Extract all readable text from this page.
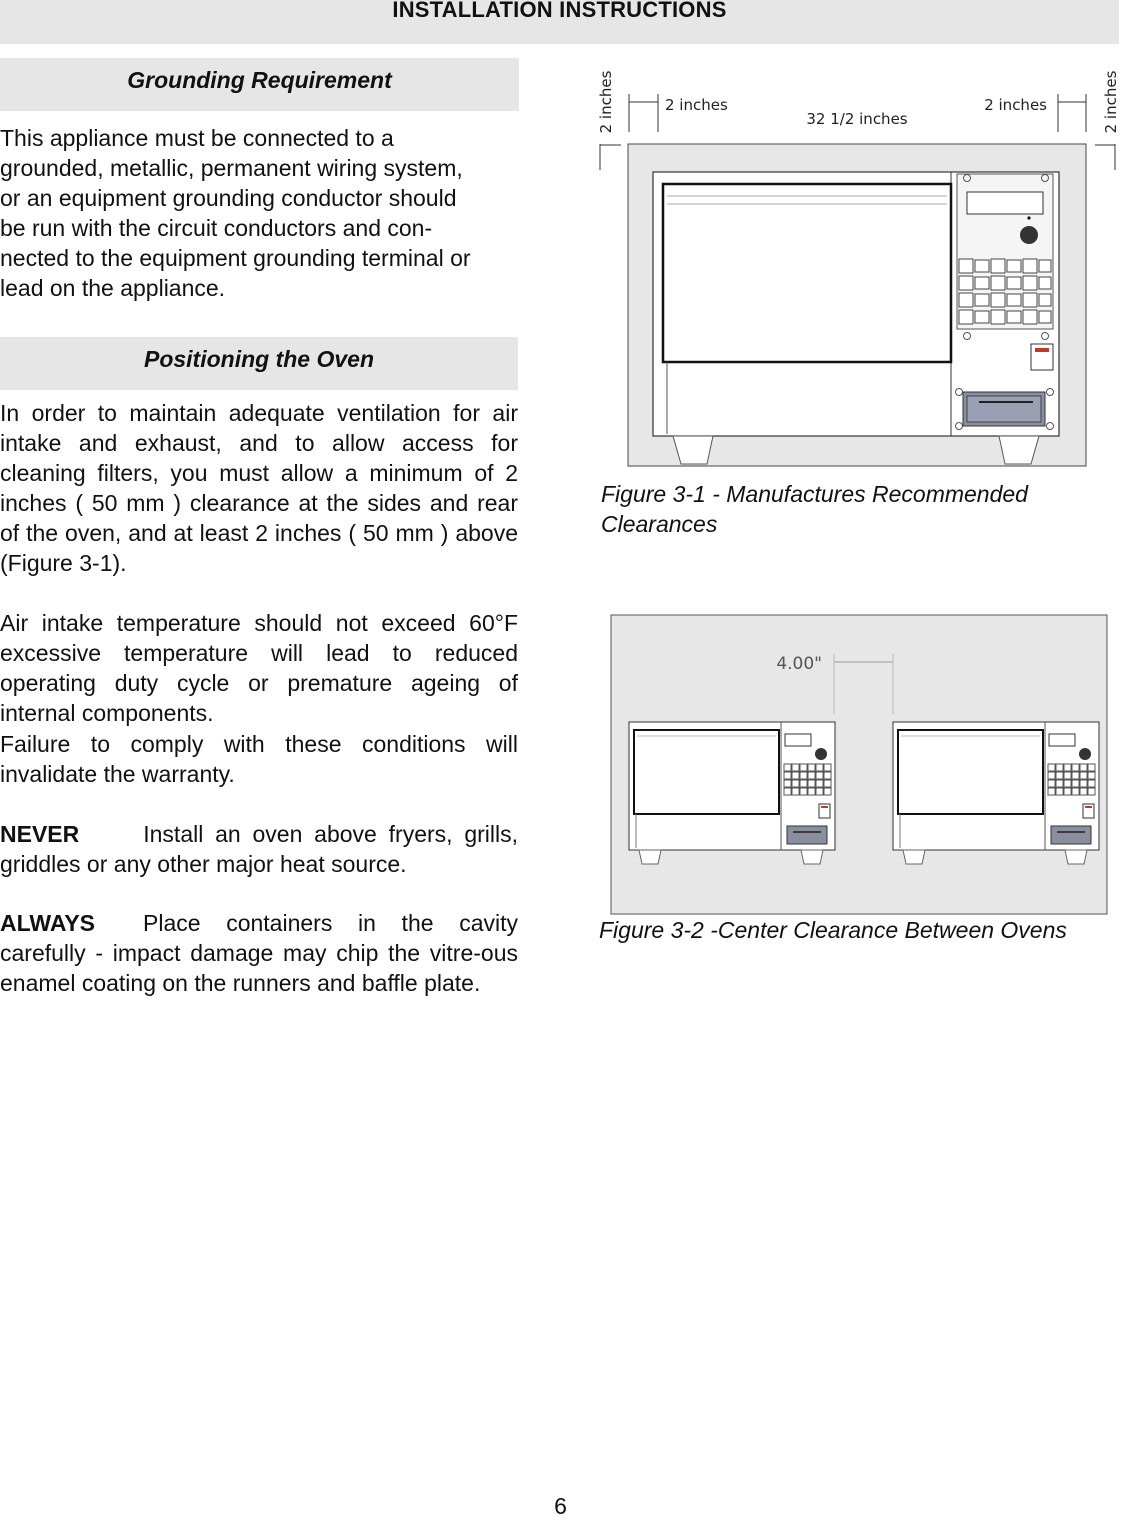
INSTALLATION INSTRUCTIONS
Grounding Requirement
This appliance must be connected to a
grounded, metallic, permanent wiring system,
or an equipment grounding conductor should
be run with the circuit conductors and con-
nected to the equipment grounding terminal or
lead on the appliance.
Positioning the Oven

In order to maintain adequate ventilation for air intake and exhaust, and to allow access for cleaning filters, you must allow a minimum of 2 inches ( 50 mm ) clearance at the sides and rear of the oven, and at least 2 inches ( 50 mm ) above (Figure 3-1).

Air intake temperature should not exceed 60°F excessive temperature will lead to reduced operating duty cycle or premature ageing of internal components.

Failure to comply with these conditions will invalidate the warranty.

NEVER	Install an oven above fryers, grills, griddles or any other major heat source.

ALWAYS Place containers in the cavity carefully - impact damage may chip the vitre-ous enamel coating on the runners and baffle plate.

2 inches	2 inches
32 1/2 inches
2 inches	2 inches
Figure 3-1 - Manufactures Recommended
Clearances
4.00"
Figure 3-2 -Center Clearance Between Ovens
6
